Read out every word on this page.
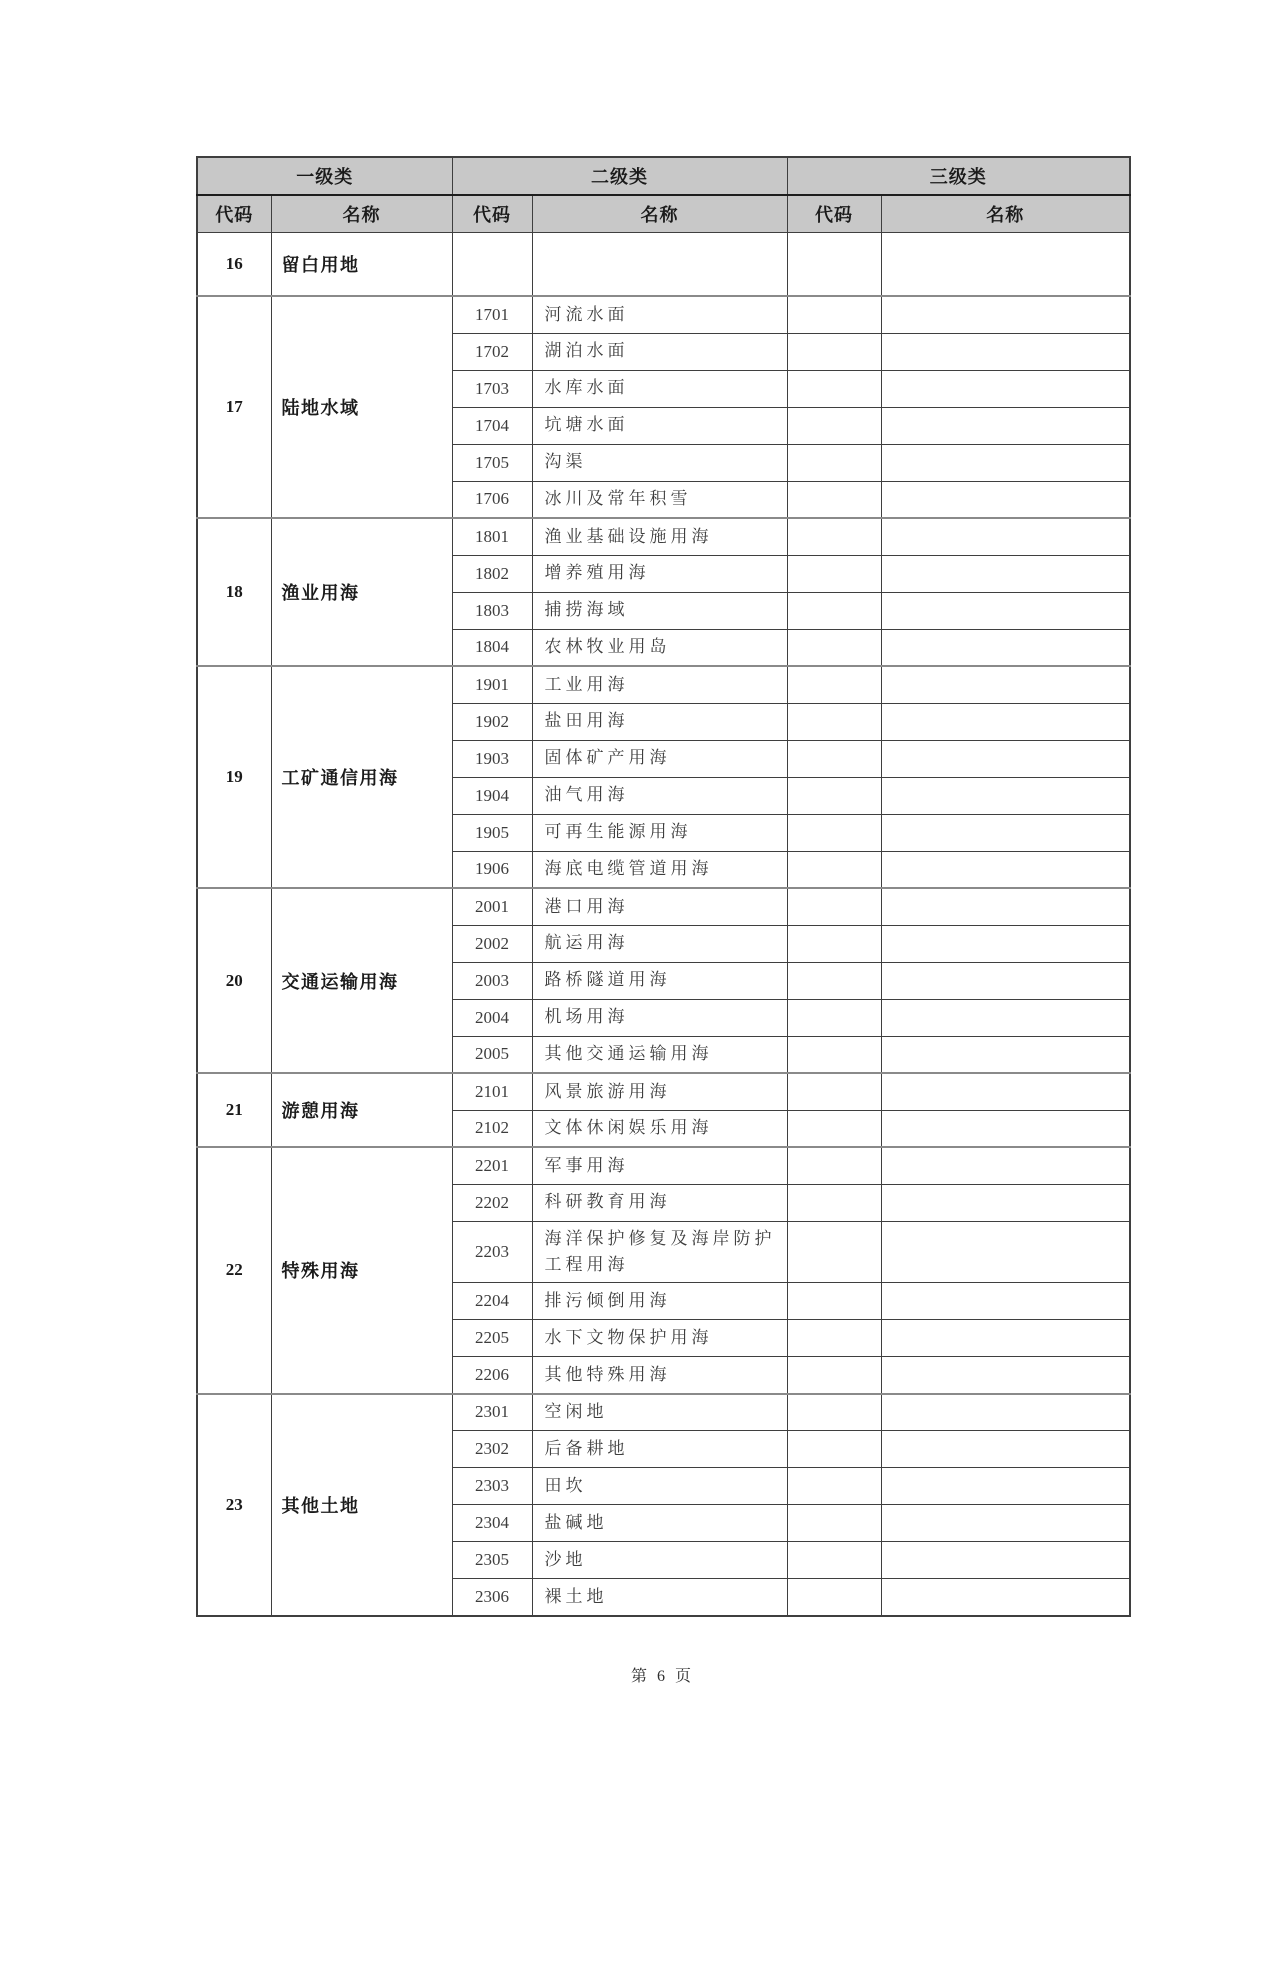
一级类		二级类		三级类	
代码	名称	代码	名称	代码	名称
16	留白用地				
17	陆地水域	1701	河流水面		
		1702	湖泊水面		
		1703	水库水面		
		1704	坑塘水面		
		1705	沟渠		
		1706	冰川及常年积雪		
18	渔业用海	1801	渔业基础设施用海		
		1802	增养殖用海		
		1803	捕捞海域		
		1804	农林牧业用岛		
19	工矿通信用海	1901	工业用海		
		1902	盐田用海		
		1903	固体矿产用海		
		1904	油气用海		
		1905	可再生能源用海		
		1906	海底电缆管道用海		
20	交通运输用海	2001	港口用海		
		2002	航运用海		
		2003	路桥隧道用海		
		2004	机场用海		
		2005	其他交通运输用海		
21	游憩用海	2101	风景旅游用海		
		2102	文体休闲娱乐用海		
22	特殊用海	2201	军事用海		
		2202	科研教育用海		
		2203	海洋保护修复及海岸防护工程用海		
		2204	排污倾倒用海		
		2205	水下文物保护用海		
		2206	其他特殊用海		
23	其他土地	2301	空闲地		
		2302	后备耕地		
		2303	田坎		
		2304	盐碱地		
		2305	沙地		
		2306	裸土地		
第 6 页
